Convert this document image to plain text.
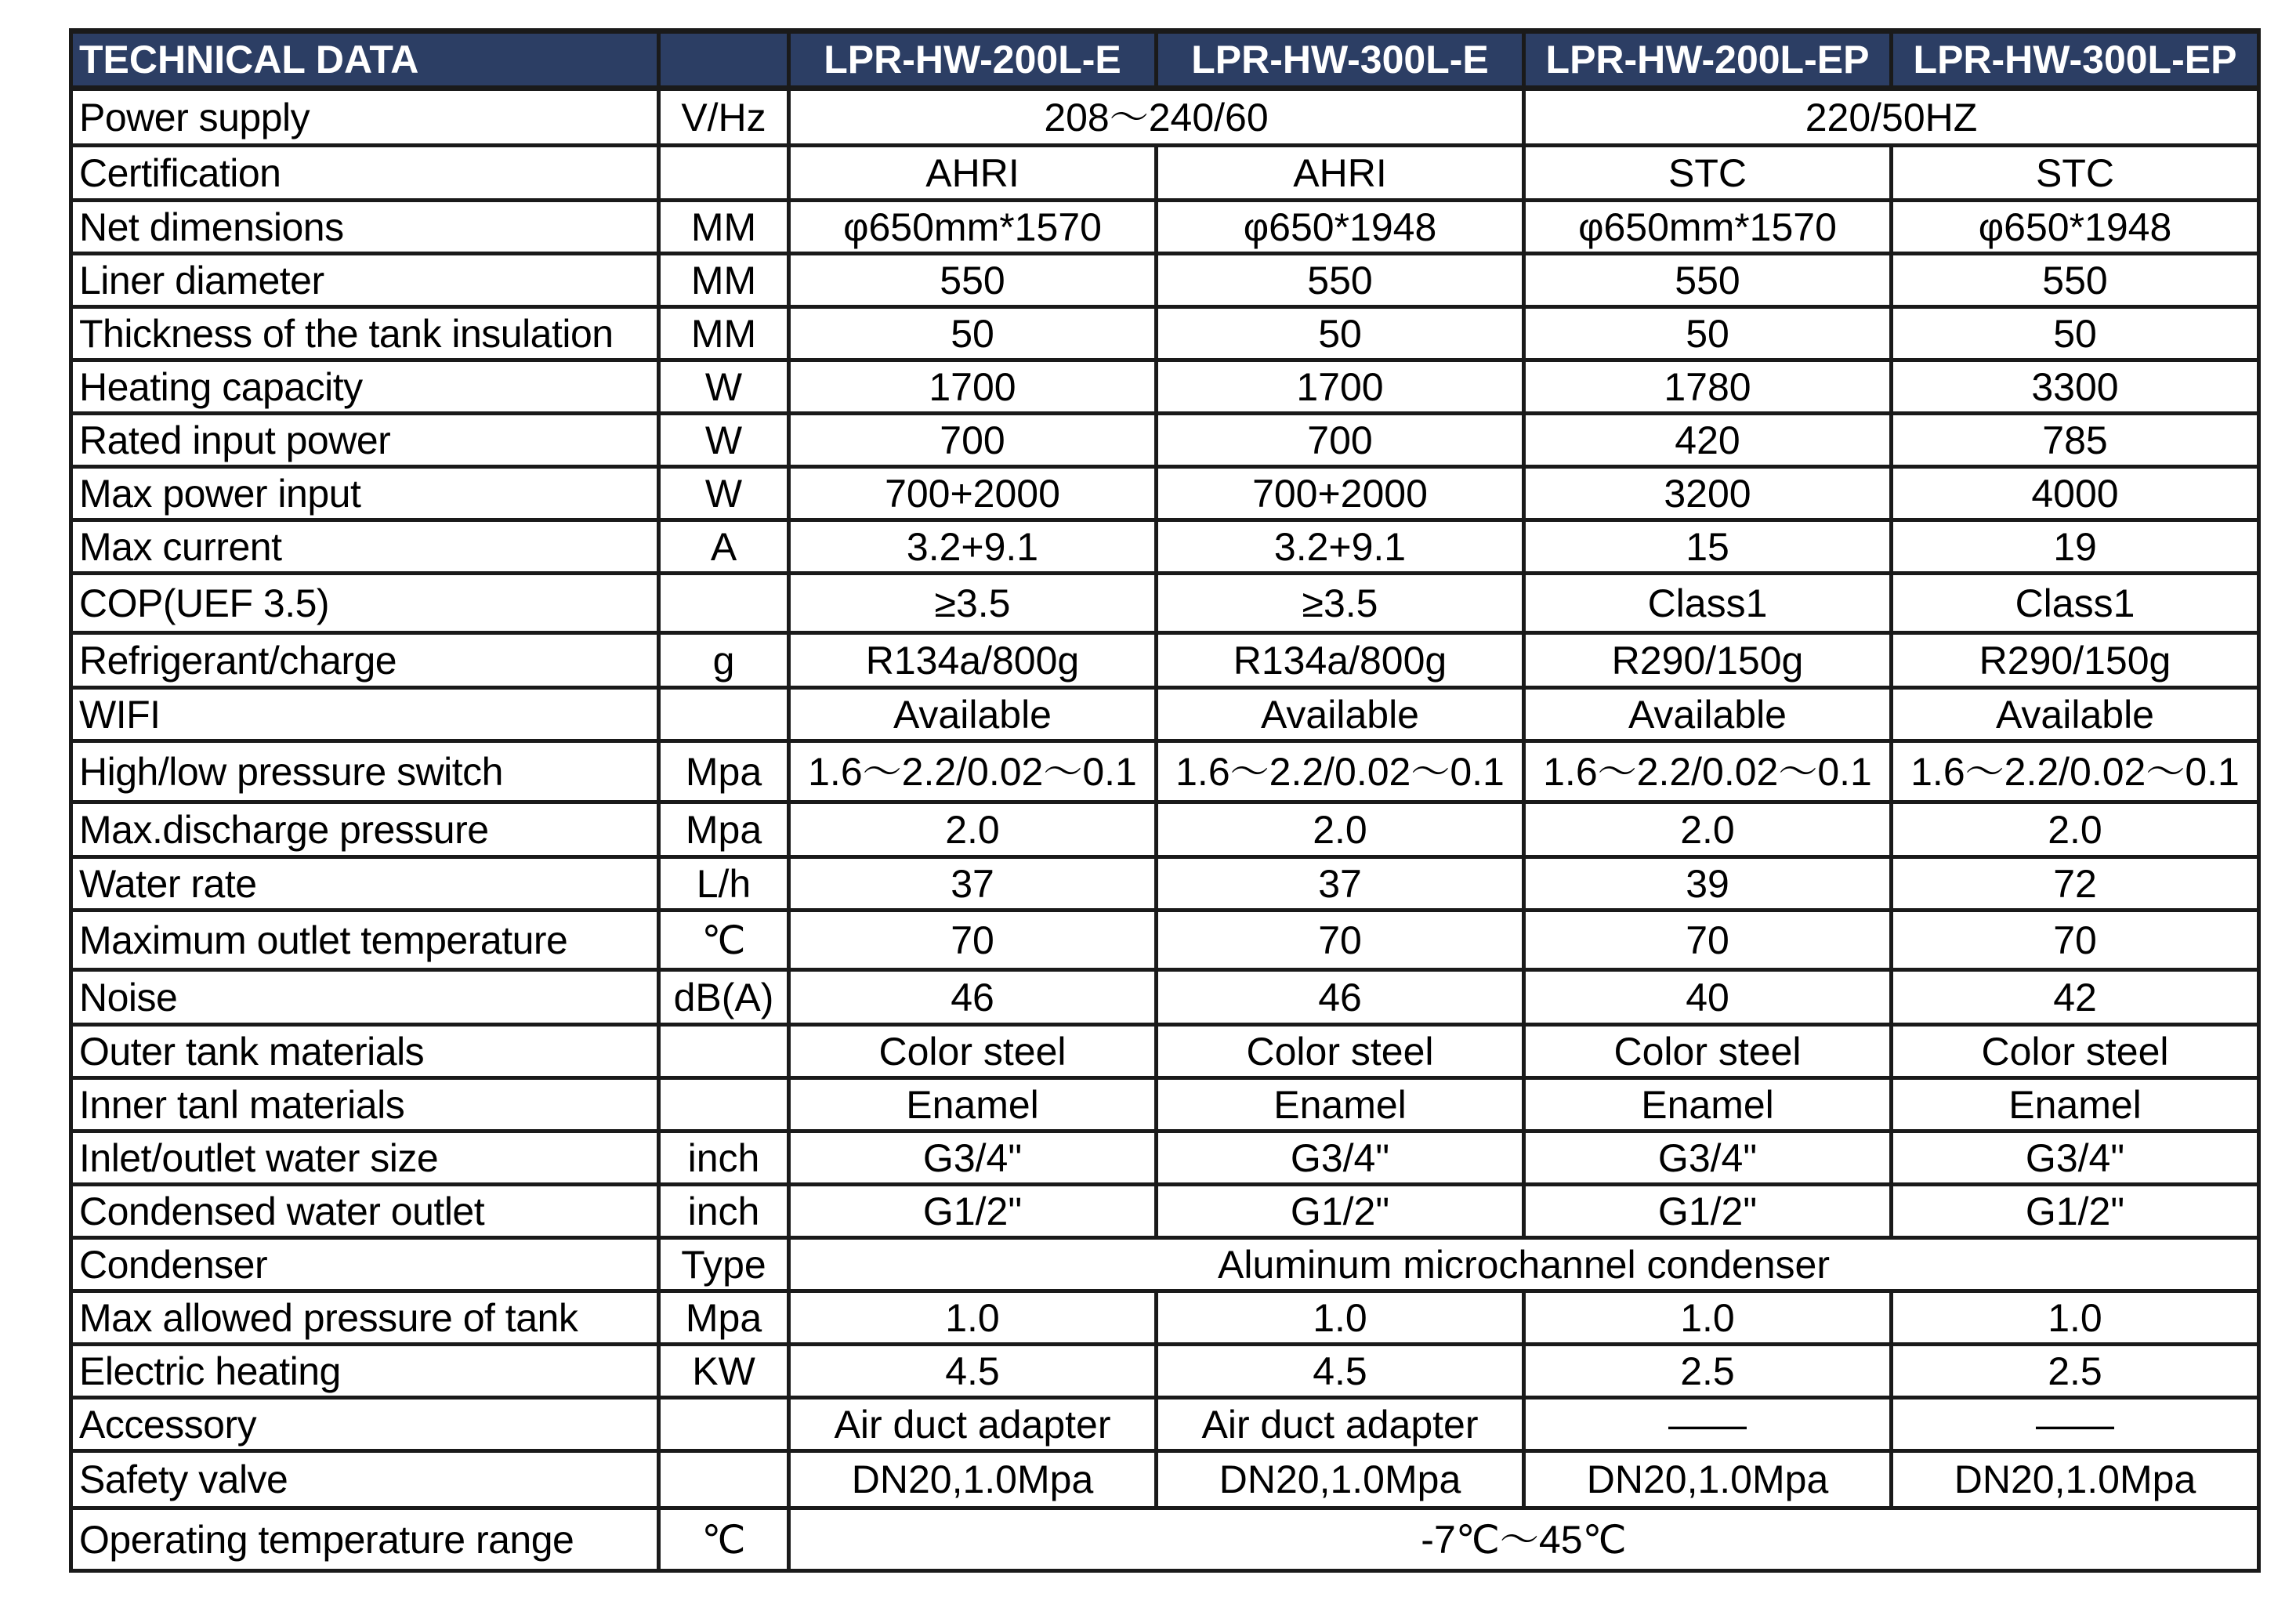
TECHNICAL DATA		LPR-HW-200L-E	LPR-HW-300L-E	LPR-HW-200L-EP	LPR-HW-300L-EP
Power supply	V/Hz	208～240/60		220/50HZ	
Certification		AHRI	AHRI	STC	STC
Net dimensions	MM	φ650mm*1570	φ650*1948	φ650mm*1570	φ650*1948
Liner diameter	MM	550	550	550	550
Thickness of the tank insulation	MM	50	50	50	50
Heating capacity	W	1700	1700	1780	3300
Rated input power	W	700	700	420	785
Max power input	W	700+2000	700+2000	3200	4000
Max current	A	3.2+9.1	3.2+9.1	15	19
COP(UEF 3.5)		≥3.5	≥3.5	Class1	Class1
Refrigerant/charge	g	R134a/800g	R134a/800g	R290/150g	R290/150g
WIFI		Available	Available	Available	Available
High/low pressure switch	Mpa	1.6～2.2/0.02～0.1	1.6～2.2/0.02～0.1	1.6～2.2/0.02～0.1	1.6～2.2/0.02～0.1
Max.discharge pressure	Mpa	2.0	2.0	2.0	2.0
Water rate	L/h	37	37	39	72
Maximum outlet temperature	℃	70	70	70	70
Noise	dB(A)	46	46	40	42
Outer tank materials		Color steel	Color steel	Color steel	Color steel
Inner tanl materials		Enamel	Enamel	Enamel	Enamel
Inlet/outlet water size	inch	G3/4"	G3/4"	G3/4"	G3/4"
Condensed water outlet	inch	G1/2"	G1/2"	G1/2"	G1/2"
Condenser	Type	Aluminum microchannel condenser			
Max allowed pressure of tank	Mpa	1.0	1.0	1.0	1.0
Electric heating	KW	4.5	4.5	2.5	2.5
Accessory		Air duct adapter	Air duct adapter	——	——
Safety valve		DN20,1.0Mpa	DN20,1.0Mpa	DN20,1.0Mpa	DN20,1.0Mpa
Operating temperature range	℃	-7℃～45℃			
